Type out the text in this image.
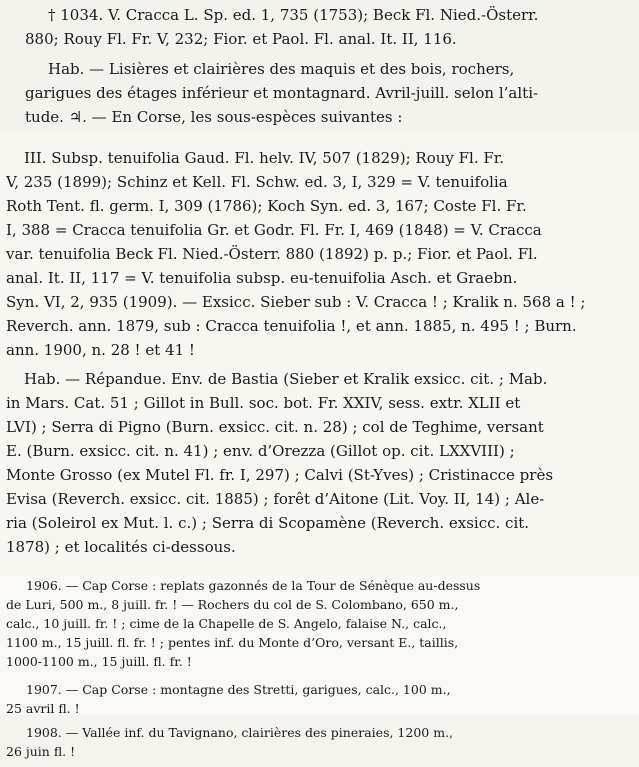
† 1034. V. Cracca L. Sp. ed. 1, 735 (1753); Beck Fl. Nied.-Österr.
880; Rouy Fl. Fr. V, 232; Fior. et Paol. Fl. anal. It. II, 116.
Hab. — Lisières et clairières des maquis et des bois, rochers,
garigues des étages inférieur et montagnard. Avril-juill. selon l’alti-
tude. ♃. — En Corse, les sous-espèces suivantes :
III. Subsp. tenuifolia Gaud. Fl. helv. IV, 507 (1829); Rouy Fl. Fr.
V, 235 (1899); Schinz et Kell. Fl. Schw. ed. 3, I, 329 = V. tenuifolia
Roth Tent. fl. germ. I, 309 (1786); Koch Syn. ed. 3, 167; Coste Fl. Fr.
I, 388 = Cracca tenuifolia Gr. et Godr. Fl. Fr. I, 469 (1848) = V. Cracca
var. tenuifolia Beck Fl. Nied.-Österr. 880 (1892) p. p.; Fior. et Paol. Fl.
anal. It. II, 117 = V. tenuifolia subsp. eu-tenuifolia Asch. et Graebn.
Syn. VI, 2, 935 (1909). — Exsicc. Sieber sub : V. Cracca ! ; Kralik n. 568 a ! ;
Reverch. ann. 1879, sub : Cracca tenuifolia !, et ann. 1885, n. 495 ! ; Burn.
ann. 1900, n. 28 ! et 41 !
Hab. — Répandue. Env. de Bastia (Sieber et Kralik exsicc. cit. ; Mab.
in Mars. Cat. 51 ; Gillot in Bull. soc. bot. Fr. XXIV, sess. extr. XLII et
LVI) ; Serra di Pigno (Burn. exsicc. cit. n. 28) ; col de Teghime, versant
E. (Burn. exsicc. cit. n. 41) ; env. d’Orezza (Gillot op. cit. LXXVIII) ;
Monte Grosso (ex Mutel Fl. fr. I, 297) ; Calvi (St-Yves) ; Cristinacce près
Evisa (Reverch. exsicc. cit. 1885) ; forêt d’Aitone (Lit. Voy. II, 14) ; Ale-
ria (Soleirol ex Mut. l. c.) ; Serra di Scopamène (Reverch. exsicc. cit.
1878) ; et localités ci-dessous.
1906. — Cap Corse : replats gazonnés de la Tour de Sénèque au-dessus
de Luri, 500 m., 8 juill. fr. ! — Rochers du col de S. Colombano, 650 m.,
calc., 10 juill. fr. ! ; cime de la Chapelle de S. Angelo, falaise N., calc.,
1100 m., 15 juill. fl. fr. ! ; pentes inf. du Monte d’Oro, versant E., taillis,
1000-1100 m., 15 juill. fl. fr. !
1907. — Cap Corse : montagne des Stretti, garigues, calc., 100 m.,
25 avril fl. !
1908. — Vallée inf. du Tavignano, clairières des pineraies, 1200 m.,
26 juin fl. !
